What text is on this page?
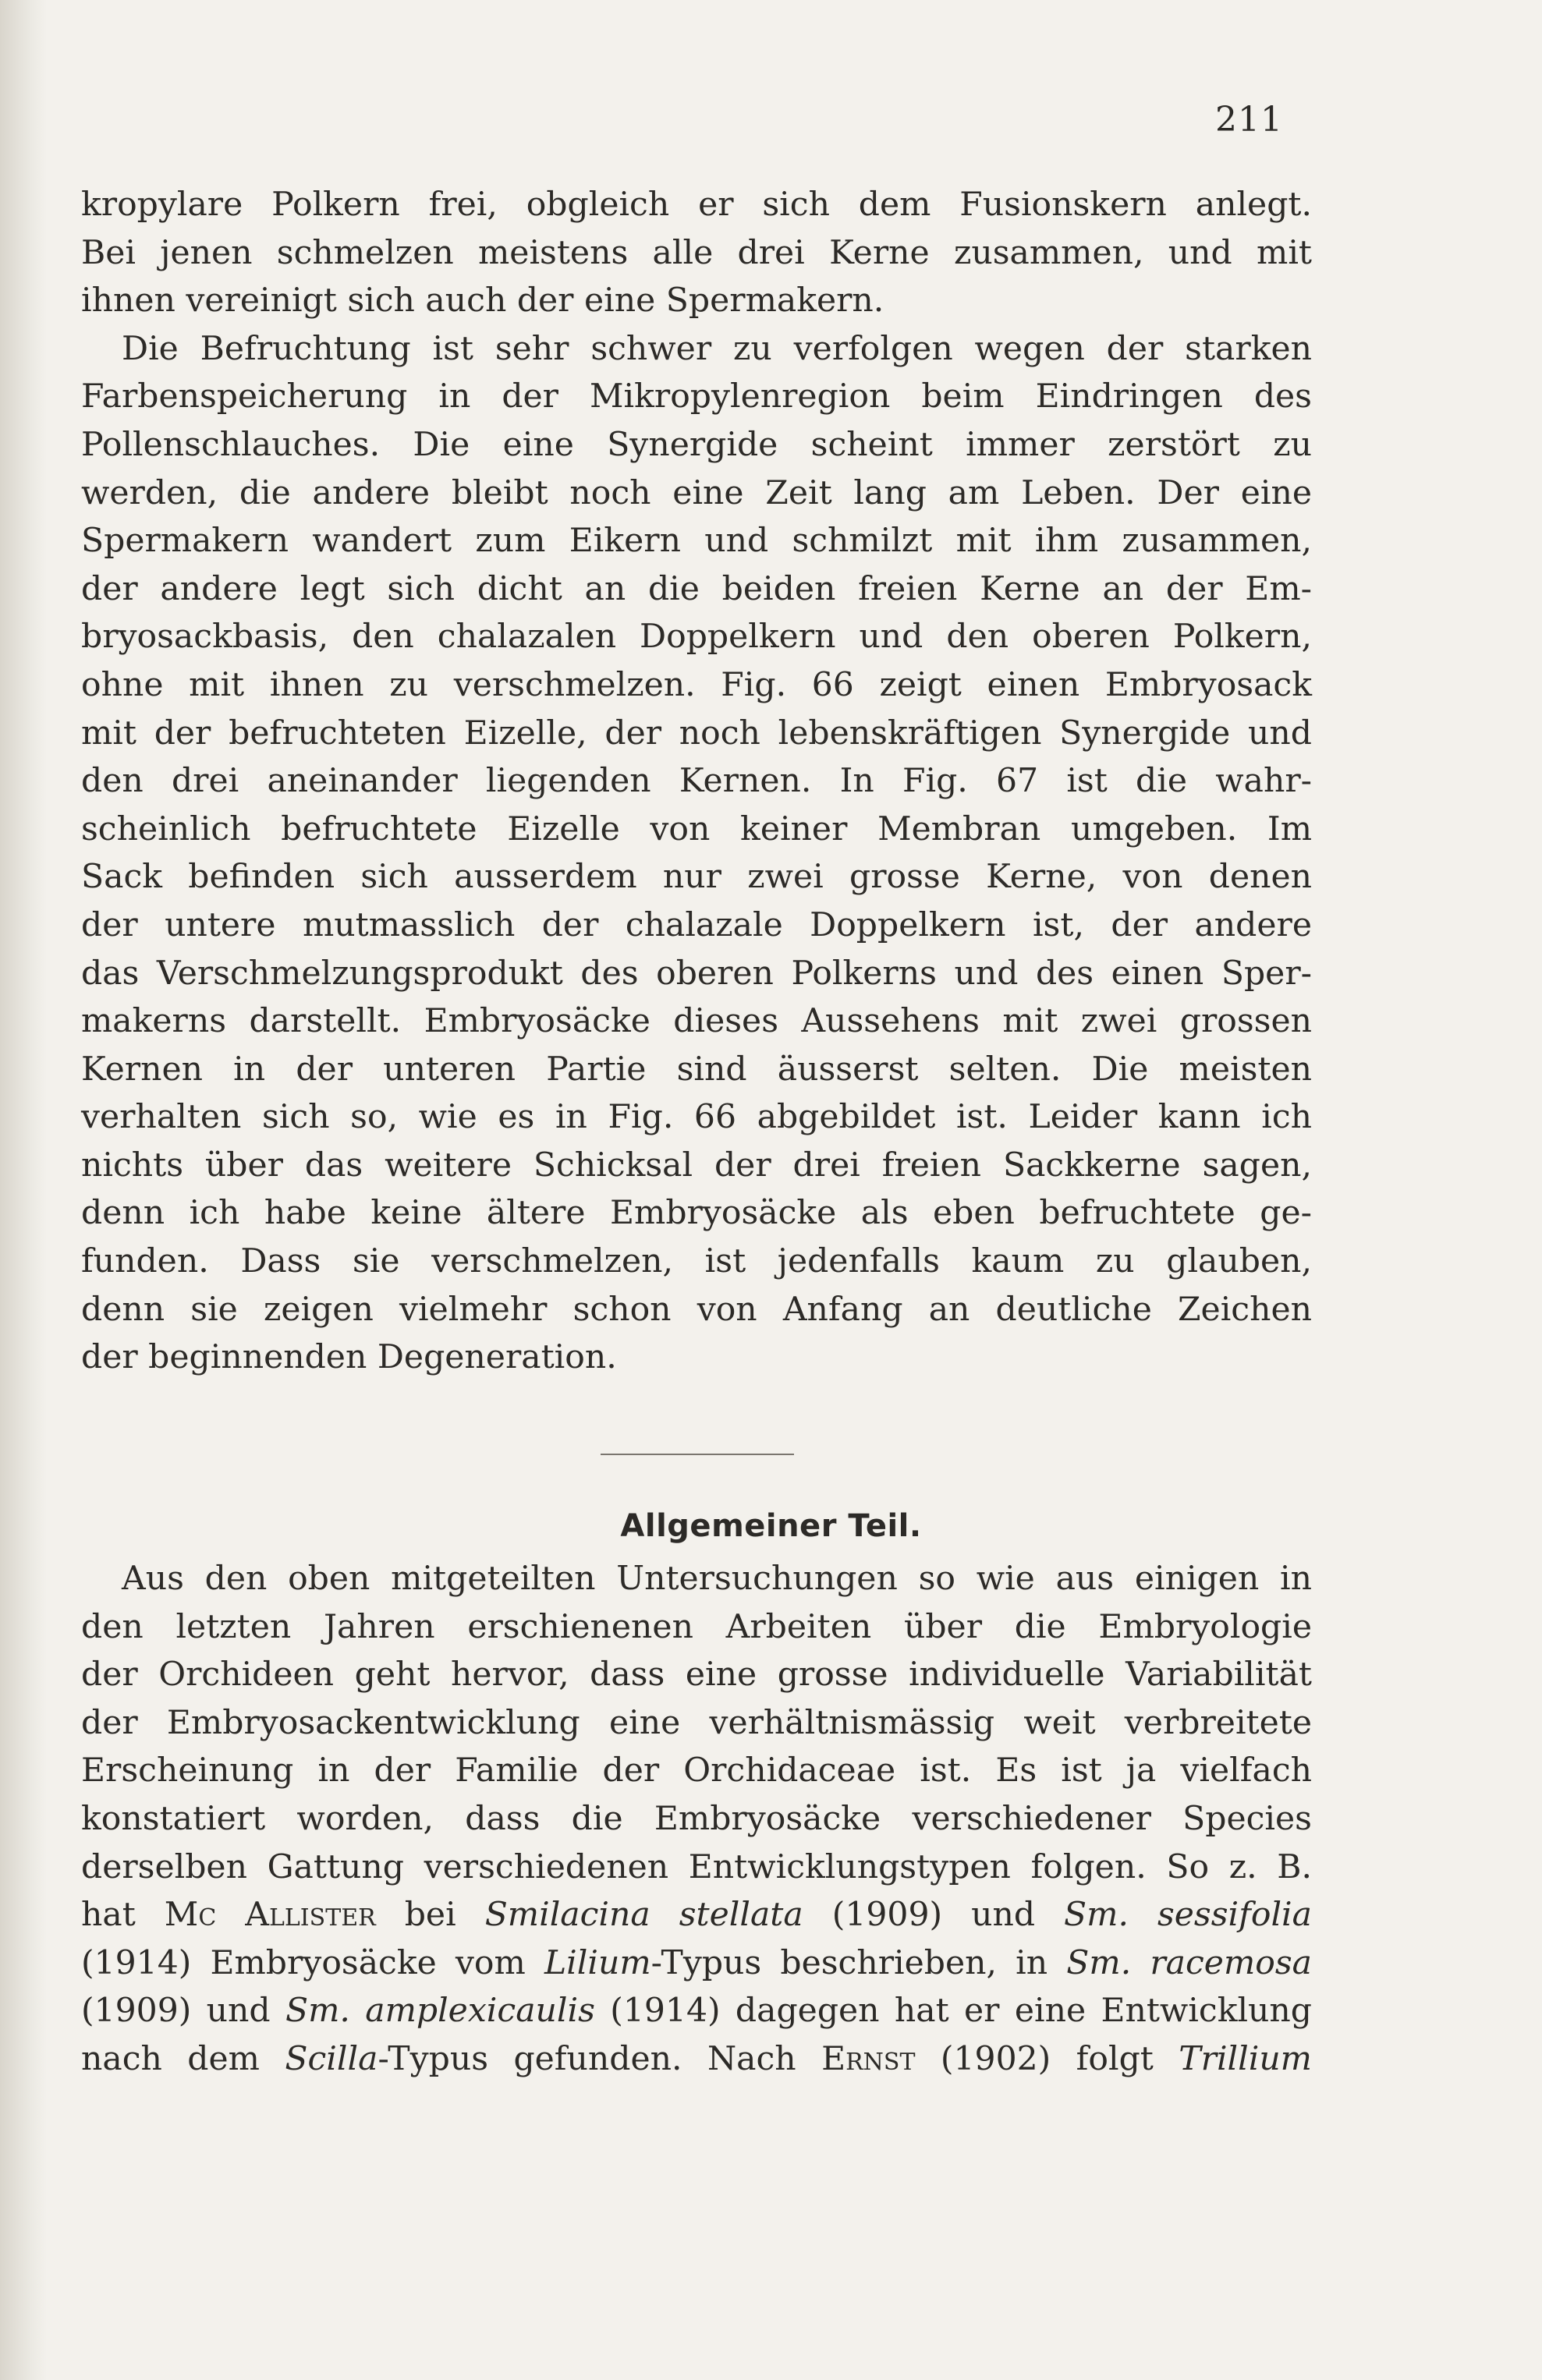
211
kropylare Polkern frei, obgleich er sich dem Fusionskern anlegt.
Bei jenen schmelzen meistens alle drei Kerne zusammen, und mit
ihnen vereinigt sich auch der eine Spermakern.
Die Befruchtung ist sehr schwer zu verfolgen wegen der starken
Farbenspeicherung in der Mikropylenregion beim Eindringen des
Pollenschlauches. Die eine Synergide scheint immer zerstört zu
werden, die andere bleibt noch eine Zeit lang am Leben. Der eine
Spermakern wandert zum Eikern und schmilzt mit ihm zusammen,
der andere legt sich dicht an die beiden freien Kerne an der Em-
bryosackbasis, den chalazalen Doppelkern und den oberen Polkern,
ohne mit ihnen zu verschmelzen. Fig. 66 zeigt einen Embryosack
mit der befruchteten Eizelle, der noch lebenskräftigen Synergide und
den drei aneinander liegenden Kernen. In Fig. 67 ist die wahr-
scheinlich befruchtete Eizelle von keiner Membran umgeben. Im
Sack befinden sich ausserdem nur zwei grosse Kerne, von denen
der untere mutmasslich der chalazale Doppelkern ist, der andere
das Verschmelzungsprodukt des oberen Polkerns und des einen Sper-
makerns darstellt. Embryosäcke dieses Aussehens mit zwei grossen
Kernen in der unteren Partie sind äusserst selten. Die meisten
verhalten sich so, wie es in Fig. 66 abgebildet ist. Leider kann ich
nichts über das weitere Schicksal der drei freien Sackkerne sagen,
denn ich habe keine ältere Embryosäcke als eben befruchtete ge-
funden. Dass sie verschmelzen, ist jedenfalls kaum zu glauben,
denn sie zeigen vielmehr schon von Anfang an deutliche Zeichen
der beginnenden Degeneration.
Allgemeiner Teil.
Aus den oben mitgeteilten Untersuchungen so wie aus einigen in
den letzten Jahren erschienenen Arbeiten über die Embryologie
der Orchideen geht hervor, dass eine grosse individuelle Variabilität
der Embryosackentwicklung eine verhältnismässig weit verbreitete
Erscheinung in der Familie der Orchidaceae ist. Es ist ja vielfach
konstatiert worden, dass die Embryosäcke verschiedener Species
derselben Gattung verschiedenen Entwicklungstypen folgen. So z. B.
hat Mc Allister bei Smilacina stellata (1909) und Sm. sessifolia
(1914) Embryosäcke vom Lilium-Typus beschrieben, in Sm. racemosa
(1909) und Sm. amplexicaulis (1914) dagegen hat er eine Entwicklung
nach dem Scilla-Typus gefunden. Nach Ernst (1902) folgt Trillium
